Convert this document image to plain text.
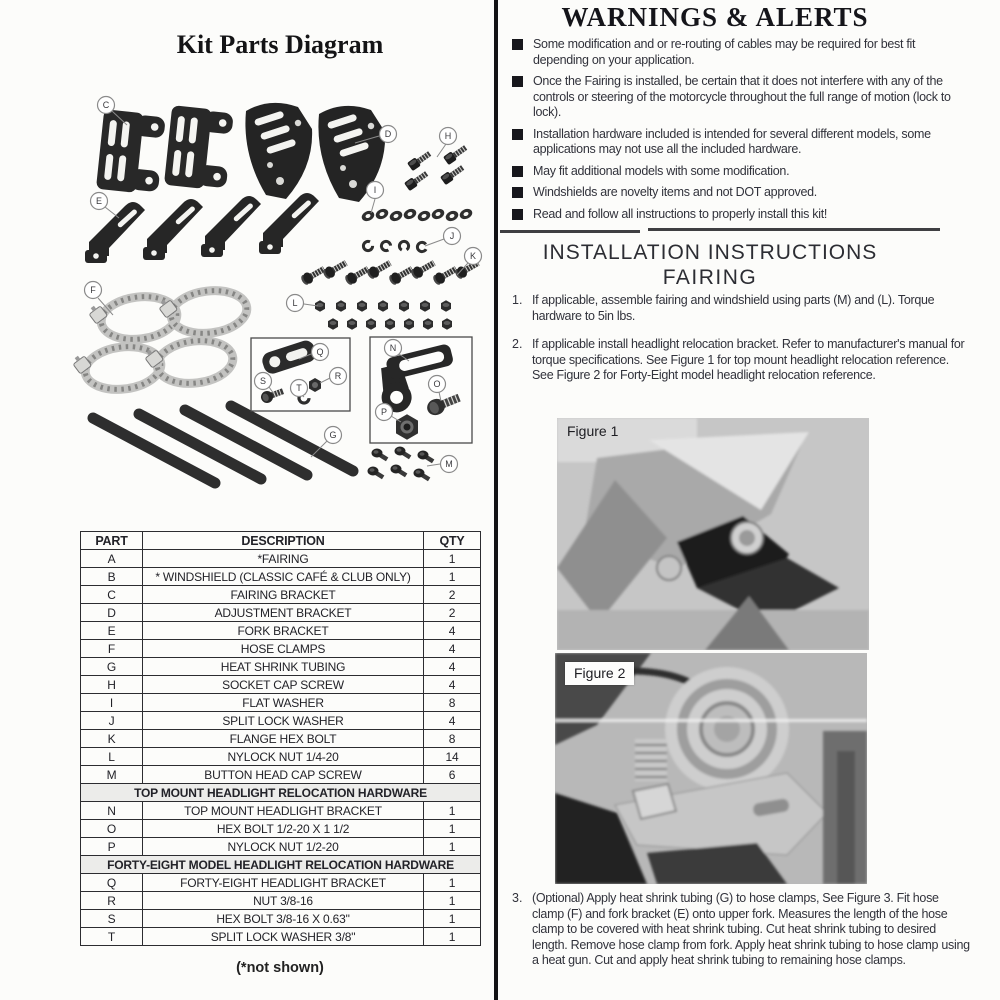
Kit Parts Diagram
C
D	H
I
J
K
E
F
L
Q
R
S
T
N
O
P
G
M
PART	DESCRIPTION	QTY
A	*FAIRING	1
B	* WINDSHIELD (CLASSIC CAFÉ & CLUB ONLY)	1
C	FAIRING BRACKET	2
D	ADJUSTMENT BRACKET	2
E	FORK BRACKET	4
F	HOSE CLAMPS	4
G	HEAT SHRINK TUBING	4
H	SOCKET CAP SCREW	4
I	FLAT WASHER	8
J	SPLIT LOCK WASHER	4
K	FLANGE HEX BOLT	8
L	NYLOCK NUT 1/4-20	14
M	BUTTON HEAD CAP SCREW	6
TOP MOUNT HEADLIGHT RELOCATION HARDWARE		
N	TOP MOUNT HEADLIGHT BRACKET	1
O	HEX BOLT 1/2-20 X 1 1/2	1
P	NYLOCK NUT 1/2-20	1
FORTY-EIGHT MODEL HEADLIGHT RELOCATION HARDWARE		
Q	FORTY-EIGHT HEADLIGHT BRACKET	1
R	NUT 3/8-16	1
S	HEX BOLT 3/8-16 X 0.63"	1
T	SPLIT LOCK WASHER 3/8"	1
(*not shown)
WARNINGS & ALERTS
Some modification and or re-routing of cables may be required for best fit depending on your application.
Once the Fairing is installed, be certain that it does not interfere with any of the controls or steering of the motorcycle throughout the full range of motion (lock to lock).
Installation hardware included is intended for several different models, some applications may not use all the included hardware.
May fit additional models with some modification.
Windshields are novelty items and not DOT approved.
Read and follow all instructions to properly install this kit!
INSTALLATION INSTRUCTIONS
FAIRING
1. If applicable, assemble fairing and windshield using parts (M) and (L). Torque hardware to 5in lbs.
2. If applicable install headlight relocation bracket. Refer to manufacturer's manual for torque specifications. See Figure 1 for top mount headlight relocation reference. See Figure 2 for Forty-Eight model headlight relocation reference.
Figure 1
Figure 2
3. (Optional) Apply heat shrink tubing (G) to hose clamps, See Figure 3. Fit hose clamp (F) and fork bracket (E) onto upper fork. Measures the length of the hose clamp to be covered with heat shrink tubing. Cut heat shrink tubing to desired length. Remove hose clamp from fork. Apply heat shrink tubing to hose clamp using a heat gun. Cut and apply heat shrink tubing to remaining hose clamps.
